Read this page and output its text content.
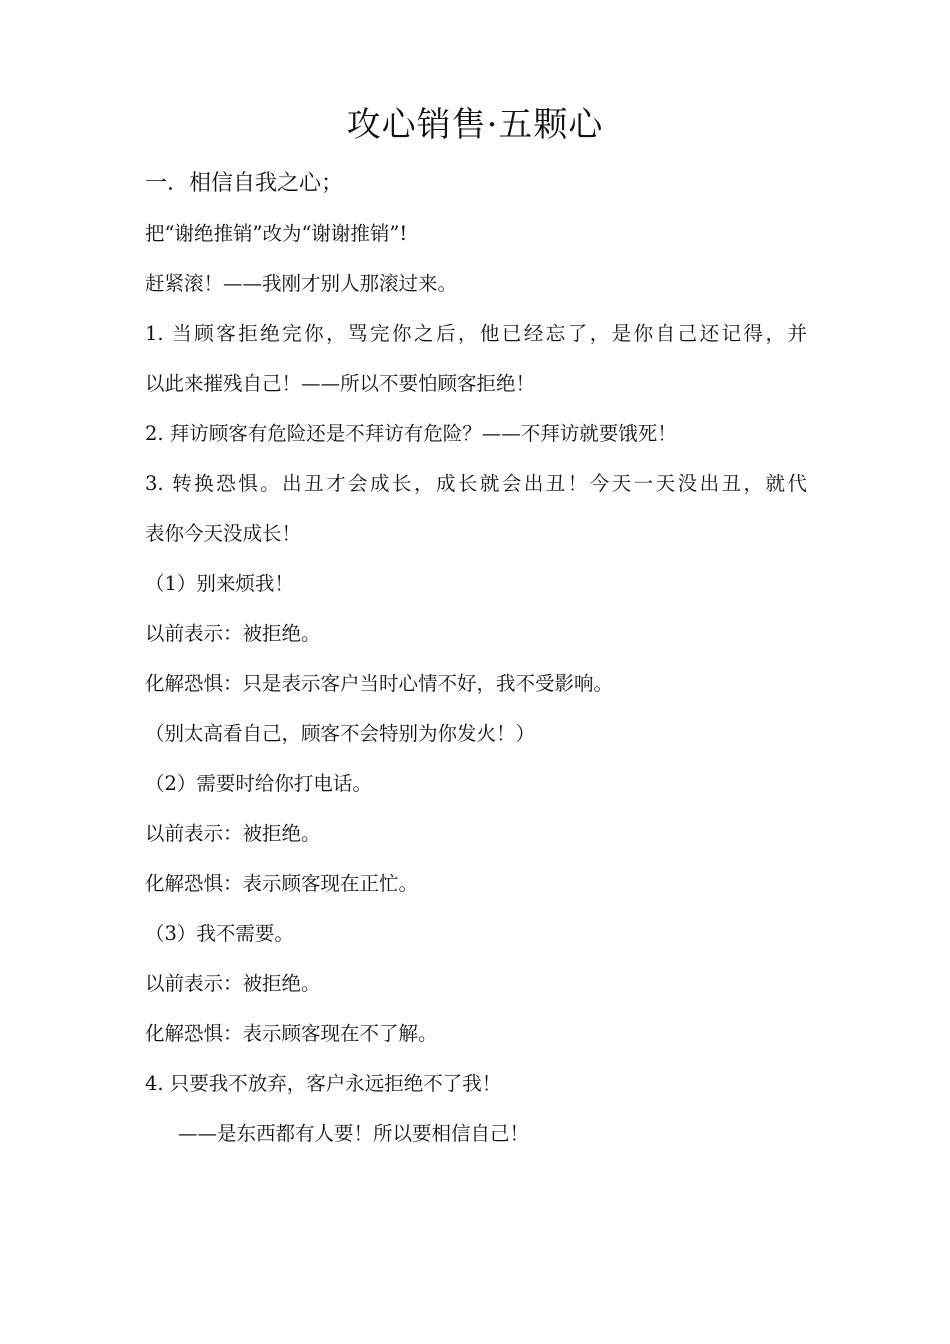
攻心销售·五颗心
一．相信自我之心；
把“谢绝推销”改为“谢谢推销”!
赶紧滚！——我刚才别人那滚过来。
1. 当顾客拒绝完你，骂完你之后，他已经忘了，是你自己还记得，并
以此来摧残自己！——所以不要怕顾客拒绝！
2. 拜访顾客有危险还是不拜访有危险？——不拜访就要饿死！
3. 转换恐惧。出丑才会成长，成长就会出丑！今天一天没出丑，就代
表你今天没成长！
（1）别来烦我！
以前表示：被拒绝。
化解恐惧：只是表示客户当时心情不好，我不受影响。
（别太高看自己，顾客不会特别为你发火！）
（2）需要时给你打电话。
以前表示：被拒绝。
化解恐惧：表示顾客现在正忙。
（3）我不需要。
以前表示：被拒绝。
化解恐惧：表示顾客现在不了解。
4. 只要我不放弃，客户永远拒绝不了我！
——是东西都有人要！所以要相信自己！
